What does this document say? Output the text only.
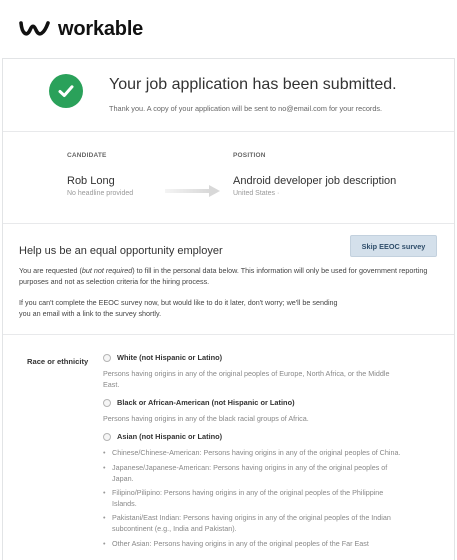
workable
Your job application has been submitted.
Thank you. A copy of your application will be sent to no@email.com for your records.
CANDIDATE
Rob Long
No headline provided
POSITION
Android developer job description
United States ·
Help us be an equal opportunity employer
You are requested (but not required) to fill in the personal data below. This information will only be used for government reporting purposes and not as selection criteria for the hiring process.
If you can't complete the EEOC survey now, but would like to do it later, don't worry; we'll be sending you an email with a link to the survey shortly.
Race or ethnicity	White (not Hispanic or Latino)
Persons having origins in any of the original peoples of Europe, North Africa, or the Middle East.
Black or African-American (not Hispanic or Latino)
Persons having origins in any of the black racial groups of Africa.
Asian (not Hispanic or Latino)
• Chinese/Chinese-American: Persons having origins in any of the original peoples of China.
• Japanese/Japanese-American: Persons having origins in any of the original peoples of Japan.
• Filipino/Pilipino: Persons having origins in any of the original peoples of the Philippine Islands.
• Pakistani/East Indian: Persons having origins in any of the original peoples of the Indian subcontinent (e.g., India and Pakistan).
• Other Asian: Persons having origins in any of the original peoples of the Far East
Skip EEOC survey
